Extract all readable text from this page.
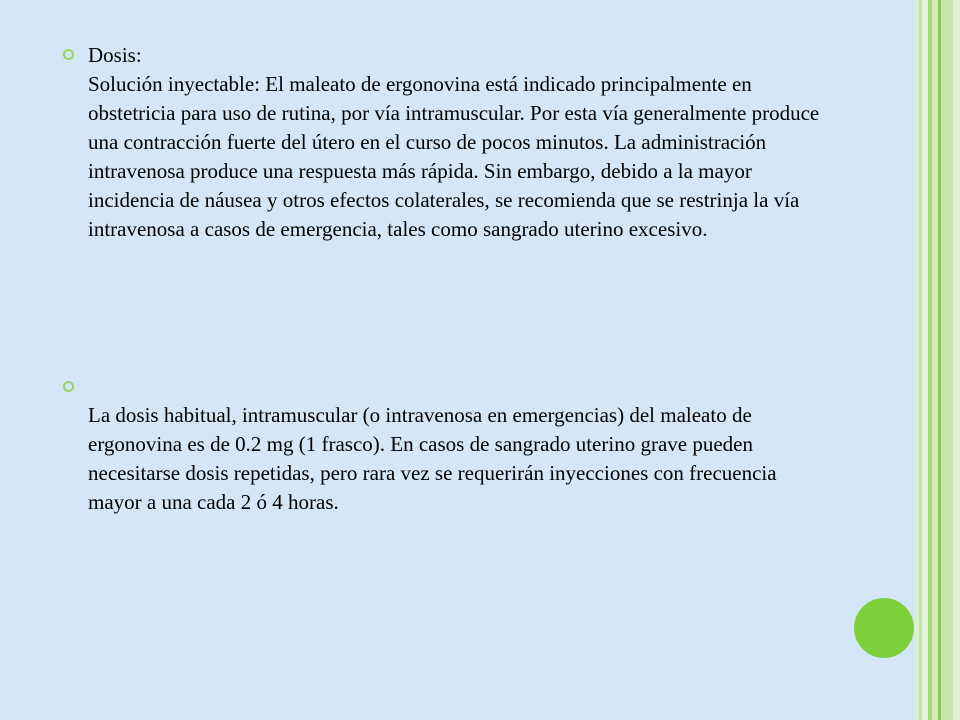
Dosis:
Solución inyectable: El maleato de ergonovina está indicado principalmente en obstetricia para uso de rutina, por vía intramuscular. Por esta vía generalmente produce una contracción fuerte del útero en el curso de pocos minutos. La administración intravenosa produce una respuesta más rápida. Sin embargo, debido a la mayor incidencia de náusea y otros efectos colaterales, se recomienda que se restrinja la vía intravenosa a casos de emergencia, tales como sangrado uterino excesivo.
La dosis habitual, intramuscular (o intravenosa en emergencias) del maleato de ergonovina es de 0.2 mg (1 frasco). En casos de sangrado uterino grave pueden necesitarse dosis repetidas, pero rara vez se requerirán inyecciones con frecuencia mayor a una cada 2 ó 4 horas.
